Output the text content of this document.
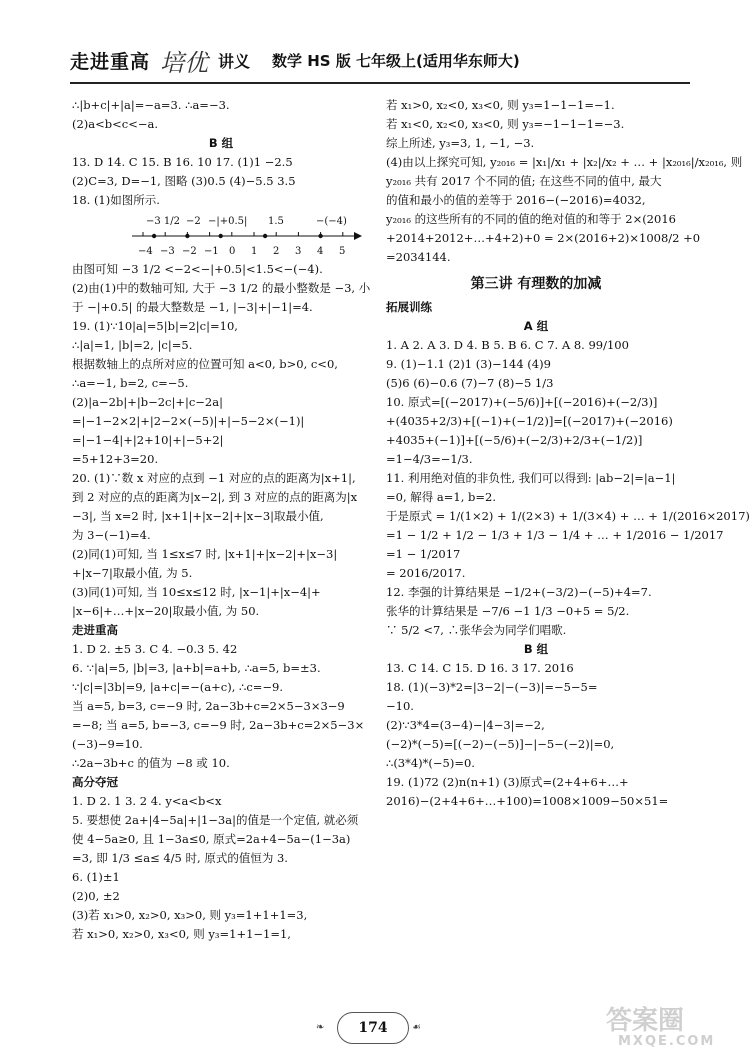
走进重高 培优 讲义 数学 HS 版 七年级上(适用华东师大)
∴|b+c|+|a|=−a=3. ∴a=−3.
(2)a<b<c<−a.
B 组
13. D 14. C 15. B 16. 10 17. (1)1 −2.5
(2)C=3, D=−1, 图略 (3)0.5 (4)−5.5 3.5
18. (1)如图所示.
−3 1/2 −2 −|+0.5| 1.5	−(−4)
−4 −3 −2 −1 0 1 2 3 4 5
由图可知 −3 1/2 <−2<−|+0.5|<1.5<−(−4).
(2)由(1)中的数轴可知, 大于 −3 1/2 的最小整数是 −3, 小
于 −|+0.5| 的最大整数是 −1, |−3|+|−1|=4.
19. (1)∵10|a|=5|b|=2|c|=10,
∴|a|=1, |b|=2, |c|=5.
根据数轴上的点所对应的位置可知 a<0, b>0, c<0,
∴a=−1, b=2, c=−5.
(2)|a−2b|+|b−2c|+|c−2a|
=|−1−2×2|+|2−2×(−5)|+|−5−2×(−1)|
=|−1−4|+|2+10|+|−5+2|
=5+12+3=20.
20. (1)∵数 x 对应的点到 −1 对应的点的距离为|x+1|,
到 2 对应的点的距离为|x−2|, 到 3 对应的点的距离为|x
−3|, 当 x=2 时, |x+1|+|x−2|+|x−3|取最小值,
为 3−(−1)=4.
(2)同(1)可知, 当 1≤x≤7 时, |x+1|+|x−2|+|x−3|
+|x−7|取最小值, 为 5.
(3)同(1)可知, 当 10≤x≤12 时, |x−1|+|x−4|+
|x−6|+…+|x−20|取最小值, 为 50.
走进重高
1. D 2. ±5 3. C 4. −0.3 5. 42
6. ∵|a|=5, |b|=3, |a+b|=a+b, ∴a=5, b=±3.
∵|c|=|3b|=9, |a+c|=−(a+c), ∴c=−9.
当 a=5, b=3, c=−9 时, 2a−3b+c=2×5−3×3−9
=−8; 当 a=5, b=−3, c=−9 时, 2a−3b+c=2×5−3×
(−3)−9=10.
∴2a−3b+c 的值为 −8 或 10.
高分夺冠
1. D 2. 1 3. 2 4. y<a<b<x
5. 要想使 2a+|4−5a|+|1−3a|的值是一个定值, 就必须
使 4−5a≥0, 且 1−3a≤0, 原式=2a+4−5a−(1−3a)
=3, 即 1/3 ≤a≤ 4/5 时, 原式的值恒为 3.
6. (1)±1
(2)0, ±2
(3)若 x₁>0, x₂>0, x₃>0, 则 y₃=1+1+1=3,
若 x₁>0, x₂>0, x₃<0, 则 y₃=1+1−1=1,
若 x₁>0, x₂<0, x₃<0, 则 y₃=1−1−1=−1.
若 x₁<0, x₂<0, x₃<0, 则 y₃=−1−1−1=−3.
综上所述, y₃=3, 1, −1, −3.
(4)由以上探究可知, y₂₀₁₆ = |x₁|/x₁ + |x₂|/x₂ + … + |x₂₀₁₆|/x₂₀₁₆, 则
y₂₀₁₆ 共有 2017 个不同的值; 在这些不同的值中, 最大
的值和最小的值的差等于 2016−(−2016)=4032,
y₂₀₁₆ 的这些所有的不同的值的绝对值的和等于 2×(2016
+2014+2012+…+4+2)+0 = 2×(2016+2)×1008/2 +0
=2034144.
第三讲 有理数的加减
拓展训练
A 组
1. A 2. A 3. D 4. B 5. B 6. C 7. A 8. 99/100
9. (1)−1.1 (2)1 (3)−144 (4)9
(5)6 (6)−0.6 (7)−7 (8)−5 1/3
10. 原式=[(−2017)+(−5/6)]+[(−2016)+(−2/3)]
+(4035+2/3)+[(−1)+(−1/2)]=[(−2017)+(−2016)
+4035+(−1)]+[(−5/6)+(−2/3)+2/3+(−1/2)]
=1−4/3=−1/3.
11. 利用绝对值的非负性, 我们可以得到: |ab−2|=|a−1|
=0, 解得 a=1, b=2.
于是原式 = 1/(1×2) + 1/(2×3) + 1/(3×4) + … + 1/(2016×2017)
=1 − 1/2 + 1/2 − 1/3 + 1/3 − 1/4 + … + 1/2016 − 1/2017
=1 − 1/2017
= 2016/2017.
12. 李强的计算结果是 −1/2+(−3/2)−(−5)+4=7.
张华的计算结果是 −7/6 −1 1/3 −0+5 = 5/2.
∵ 5/2 <7, ∴张华会为同学们唱歌.
B 组
13. C 14. C 15. D 16. 3 17. 2016
18. (1)(−3)*2=|3−2|−(−3)|=−5−5=
−10.
(2)∵3*4=(3−4)−|4−3|=−2,
(−2)*(−5)=[(−2)−(−5)]−|−5−(−2)|=0,
∴(3*4)*(−5)=0.
19. (1)72 (2)n(n+1) (3)原式=(2+4+6+…+
2016)−(2+4+6+…+100)=1008×1009−50×51=
❧	174	☙	答案圈
MXQE.COM
